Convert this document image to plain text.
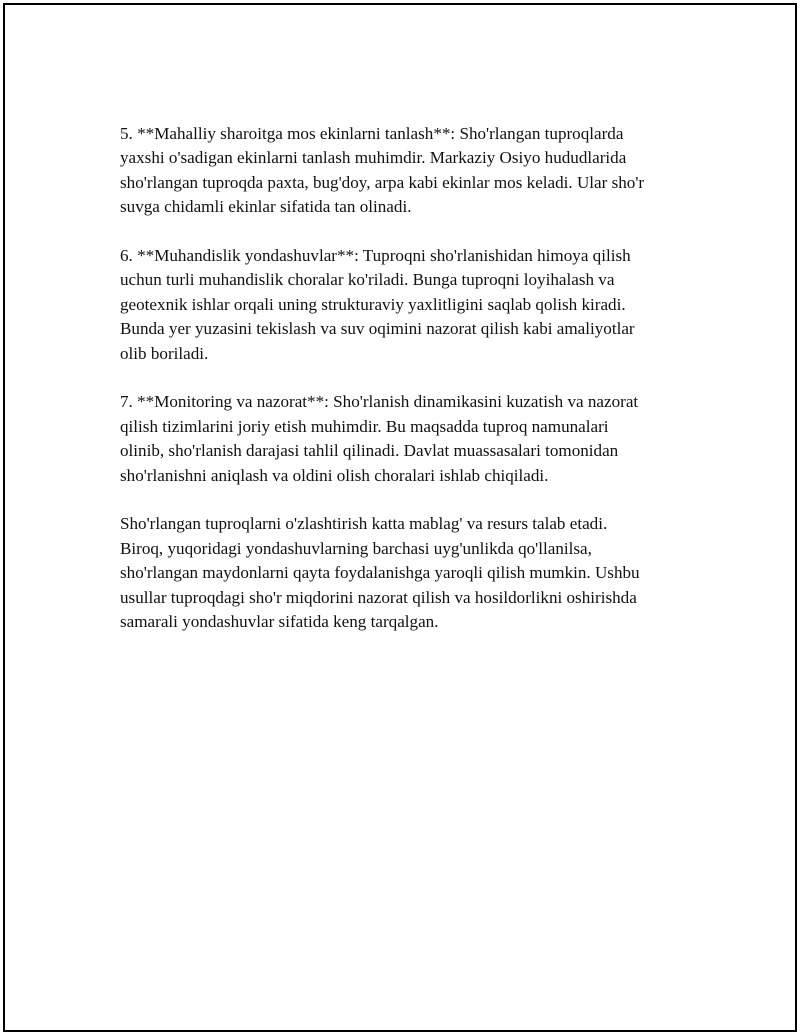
5. **Mahalliy sharoitga mos ekinlarni tanlash**: Sho'rlangan tuproqlarda
yaxshi o'sadigan ekinlarni tanlash muhimdir. Markaziy Osiyo hududlarida
sho'rlangan tuproqda paxta, bug'doy, arpa kabi ekinlar mos keladi. Ular sho'r
suvga chidamli ekinlar sifatida tan olinadi.

6. **Muhandislik yondashuvlar**: Tuproqni sho'rlanishidan himoya qilish
uchun turli muhandislik choralar ko'riladi. Bunga tuproqni loyihalash va
geotexnik ishlar orqali uning strukturaviy yaxlitligini saqlab qolish kiradi.
Bunda yer yuzasini tekislash va suv oqimini nazorat qilish kabi amaliyotlar
olib boriladi.

7. **Monitoring va nazorat**: Sho'rlanish dinamikasini kuzatish va nazorat
qilish tizimlarini joriy etish muhimdir. Bu maqsadda tuproq namunalari
olinib, sho'rlanish darajasi tahlil qilinadi. Davlat muassasalari tomonidan
sho'rlanishni aniqlash va oldini olish choralari ishlab chiqiladi.

Sho'rlangan tuproqlarni o'zlashtirish katta mablag' va resurs talab etadi.
Biroq, yuqoridagi yondashuvlarning barchasi uyg'unlikda qo'llanilsa,
sho'rlangan maydonlarni qayta foydalanishga yaroqli qilish mumkin. Ushbu
usullar tuproqdagi sho'r miqdorini nazorat qilish va hosildorlikni oshirishda
samarali yondashuvlar sifatida keng tarqalgan.
